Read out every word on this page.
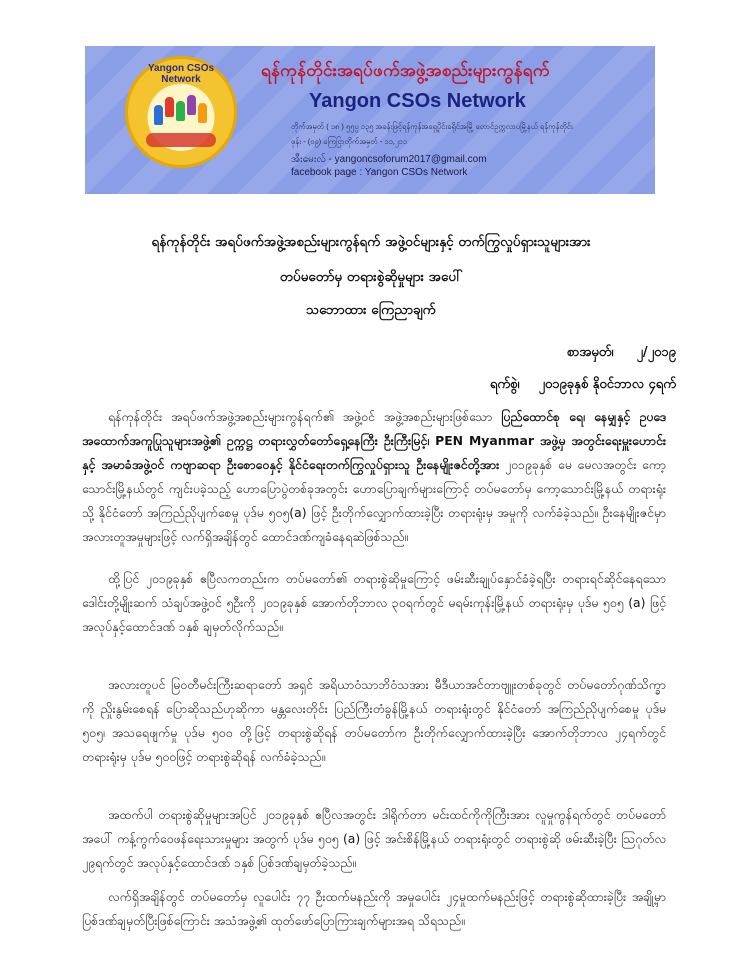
Yangon CSOs Network	ရန်ကုန်တိုင်းအရပ်ဖက်အဖွဲ့အစည်းများကွန်ရက်
Yangon CSOs Network
တိုက်အမှတ် ( ၁၈ ) ၅၅ပ္ပ ၁၃၅ အခန်းဖြင့်ရန်ကုန်အရှေ့ပိုင်းခရိုင်အမြို့ တောင်ဥက္ကလာပမြို့နယ် ရန်ကုန်တိုင်း
ဖုန်း - (၀၉) ကြေငြာတိုက်အမှတ် - ၁၁,၂၁၁
အီးမေးလ် - yangoncsoforum2017@gmail.com
facebook page : Yangon CSOs Network
ရန်ကုန်တိုင်း အရပ်ဖက်အဖွဲ့အစည်းများကွန်ရက် အဖွဲ့ဝင်များနှင့် တက်ကြွလှုပ်ရှားသူများအား
တပ်မတော်မှ တရားစွဲဆိုမှုများ အပေါ်
သဘောထား ကြေညာချက်
စာအမှတ်၊ ၂/၂၀၁၉
ရက်စွဲ၊ ၂၀၁၉ခုနှစ် နိုဝင်ဘာလ ၄ရက်
ရန်ကုန်တိုင်း အရပ်ဖက်အဖွဲ့အစည်းများကွန်ရက်၏ အဖွဲ့ဝင် အဖွဲ့အစည်းများဖြစ်သော ပြည်ထောင်စု ရေ၊ နေမျှနှင့် ဥပဒေအထောက်အကူပြုသူများအဖွဲ့၏ ဥက္ကဋ္ဌ တရားလွှတ်တော်ရှေ့နေကြီး ဦးကြီးမြင့်၊ PEN Myanmar အဖွဲ့မှ အတွင်းရေးမှူးဟောင်းနှင့် အမာခံအဖွဲ့ဝင် ကဗျာဆရာ ဦးစောဝေနှင့် နိုင်ငံရေးတက်ကြွလှုပ်ရှားသူ ဦးနေမျိုးဇင်တို့အား ၂၀၁၉ခုနှစ် မေ မေလအတွင်း ကော့သောင်းမြို့နယ်တွင် ကျင်းပခဲ့သည့် ဟောပြောပွဲတစ်ခုအတွင်း ဟောပြောချက်များကြောင့် တပ်မတော်မှ ကော့သောင်းမြို့နယ် တရားရုံးသို့ နိုင်ငံတော် အကြည်ညိုပျက်စေမှု ပုဒ်မ ၅၀၅(a) ဖြင့် ဦးတိုက်လျှောက်ထားခဲ့ပြီး တရားရုံးမှ အမှုကို လက်ခံခဲ့သည်။ ဦးနေမျိုးဇင်မှာ အလားတူအမှုများဖြင့် လက်ရှိအချိန်တွင် ထောင်ဒဏ်ကျခံနေရဆဲဖြစ်သည်။
ထို့ပြင် ၂၀၁၉ခုနှစ် ဧပြီလကတည်းက တပ်မတော်၏ တရားစွဲဆိုမှုကြောင့် ဖမ်းဆီးချုပ်နှောင်ခံခဲ့ရပြီး တရားရင်ဆိုင်နေရသော ဒေါင်းတို့မျိုးဆက် သံချပ်အဖွဲ့ဝင် ၅ဦးကို ၂၀၁၉ခုနှစ် အောက်တိုဘာလ ၃၀ရက်တွင် မရမ်းကုန်းမြို့နယ် တရားရုံးမှ ပုဒ်မ ၅၀၅ (a) ဖြင့် အလုပ်နှင့်ထောင်ဒဏ် ၁နှစ် ချမှတ်လိုက်သည်။
အလားတူပင် မြဝတီမင်းကြီးဆရာတော် အရှင် အရိယာဝံသာဘိဝံသအား မီဒီယာအင်တာဗျူးတစ်ခုတွင် တပ်မတော်ဂုဏ်သိက္ခာကို ညှိုးနွမ်းစေရန် ပြောဆိုသည်ဟုဆိုကာ မန္တလေးတိုင်း ပြည်ကြီးတံခွန်မြို့နယ် တရားရုံးတွင် နိုင်ငံတော် အကြည်ညိုပျက်စေမှု ပုဒ်မ ၅၀၅၊ အသရေဖျက်မှု ပုဒ်မ ၅၀၀ တို့ဖြင့် တရားစွဲဆိုရန် တပ်မတော်က ဦးတိုက်လျှောက်ထားခဲ့ပြီး အောက်တိုဘာလ ၂၄ရက်တွင် တရားရုံးမှ ပုဒ်မ ၅၀၀ဖြင့် တရားစွဲဆိုရန် လက်ခံခဲ့သည်။
အထက်ပါ တရားစွဲဆိုမှုများအပြင် ၂၀၁၉ခုနှစ် ဧပြီလအတွင်း ဒါရိုက်တာ မင်းထင်ကိုကိုကြီးအား လူမှုကွန်ရက်တွင် တပ်မတော်အပေါ် ကန့်ကွက်ဝေဖန်ရေးသားမှုများ အတွက် ပုဒ်မ ၅၀၅ (a) ဖြင့် အင်းစိန်မြို့နယ် တရားရုံးတွင် တရားစွဲဆို ဖမ်းဆီးခဲ့ပြီး ဩဂုတ်လ ၂၉ရက်တွင် အလုပ်နှင့်ထောင်ဒဏ် ၁နှစ် ပြစ်ဒဏ်ချမှတ်ခဲ့သည်။
လက်ရှိအချိန်တွင် တပ်မတော်မှ လူပေါင်း ၇၇ ဦးထက်မနည်းကို အမှုပေါင်း ၂၄မှုထက်မနည်းဖြင့် တရားစွဲဆိုထားခဲ့ပြီး အချို့မှာ ပြစ်ဒဏ်ချမှတ်ပြီးဖြစ်ကြောင်း အသံအဖွဲ့၏ ထုတ်ဖော်ပြောကြားချက်များအရ သိရသည်။
